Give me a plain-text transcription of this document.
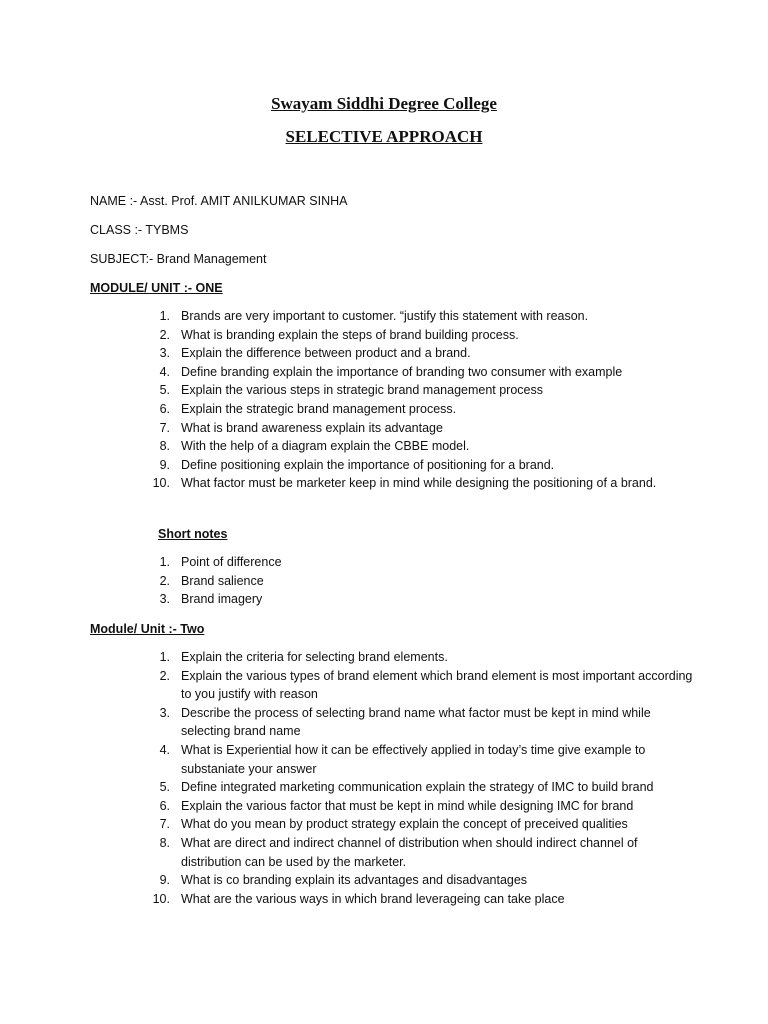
Swayam Siddhi Degree College
SELECTIVE APPROACH
NAME :- Asst. Prof. AMIT ANILKUMAR SINHA
CLASS :- TYBMS
SUBJECT:- Brand Management
MODULE/ UNIT :- ONE
1. Brands are very important to customer. “justify this statement with reason.
2. What is branding explain the steps of brand building process.
3. Explain the difference between product and a brand.
4. Define branding explain the importance of branding two consumer with example
5. Explain the various steps in strategic brand management process
6. Explain the strategic brand management process.
7. What is brand awareness explain its advantage
8. With the help of a diagram explain the CBBE model.
9. Define positioning explain the importance of positioning for a brand.
10. What factor must be marketer keep in mind while designing the positioning of a brand.
Short notes
1. Point of difference
2. Brand salience
3. Brand imagery
Module/ Unit :- Two
1. Explain the criteria for selecting brand elements.
2. Explain the various types of brand element which brand element is most important according to you justify with reason
3. Describe the process of selecting brand name what factor must be kept in mind while selecting brand name
4. What is Experiential how it can be effectively applied in today’s time give example to substaniate your answer
5. Define integrated marketing communication explain the strategy of IMC to build brand
6. Explain the various factor that must be kept in mind while designing IMC for brand
7. What do you mean by product strategy explain the concept of preceived qualities
8. What are direct and indirect channel of distribution when should indirect channel of distribution can be used by the marketer.
9. What is co branding explain its advantages and disadvantages
10. What are the various ways in which brand leverageing can take place
